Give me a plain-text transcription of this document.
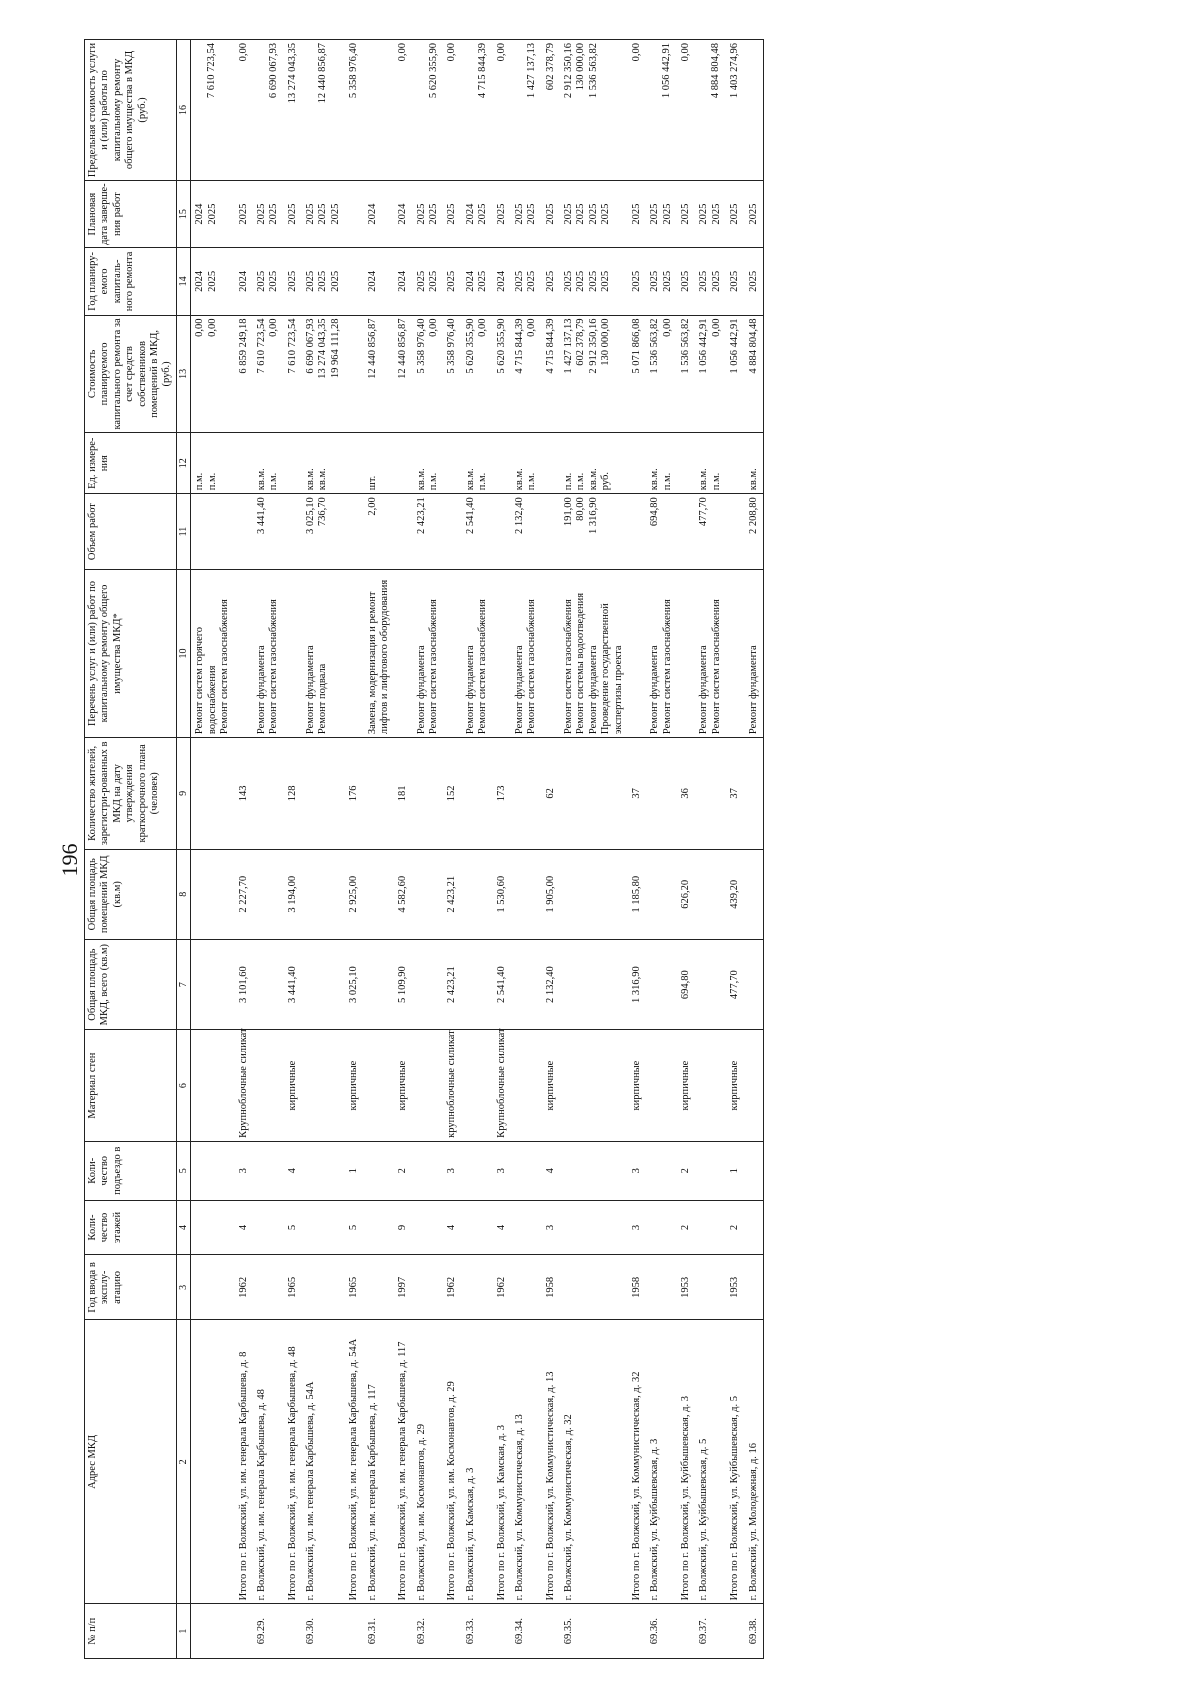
196
№ п/п	Адрес МКД	Год ввода в эксплу-атацию	Коли-чество этажей	Коли-чество подъездо в	Материал стен	Общая площадь МКД, всего (кв.м)	Общая площадь помещений МКД (кв.м)	Количество жителей, зарегистри-рованных в МКД на дату утверждения краткосрочного плана (человек)	Перечень услуг и (или) работ по капитальному ремонту общего имущества МКД*	Объем работ	Ед. измере-ния	Стоимость планируемого капитального ремонта за счет средств собственников помещений в МКД, (руб.)	Год планиру-емого капиталь-ного ремонта	Плановая дата заверше-ния работ	Предельная стоимость услуги и (или) работы по капитальному ремонту общего имущества в МКД (руб.)
1	2	3	4	5	6	7	8	9	10	11	12	13	14	15	16

									Ремонт систем горячего водоснабжения Ремонт систем газоснабжения		п.м. п.м.	0,00 0,00	2024 2025	2024 2025	7 610 723,54

	Итого по г. Волжский, ул. им. генерала Карбышева, д. 8	1962	4	3	Крупноблочные силикат	3 101,60	2 227,70	143				6 859 249,18	2024	2025	0,00

69.29.	г. Волжский, ул. им. генерала Карбышева, д. 48								Ремонт фундамента Ремонт систем газоснабжения	3 441,40	кв.м. п.м.	7 610 723,54 0,00	2025 2025	2025 2025	6 690 067,93

	Итого по г. Волжский, ул. им. генерала Карбышева, д. 48	1965	5	4	кирпичные	3 441,40	3 194,00	128				7 610 723,54	2025	2025	13 274 043,35

69.30.	г. Волжский, ул. им. генерала Карбышева, д. 54А								Ремонт фундамента Ремонт подвала	3 025,10 736,70	кв.м. кв.м.	6 690 067,93 13 274 043,35 19 964 111,28	2025 2025 2025	2025 2025 2025	12 440 856,87

	Итого по г. Волжский, ул. им. генерала Карбышева, д. 54А	1965	5	1	кирпичные	3 025,10	2 925,00	176							5 358 976,40

69.31.	г. Волжский, ул. им. генерала Карбышева, д. 117								Замена, модернизация и ремонт лифтов и лифтового оборудования	2,00	шт.	12 440 856,87	2024	2024	

	Итого по г. Волжский, ул. им. генерала Карбышева, д. 117	1997	9	2	кирпичные	5 109,90	4 582,60	181				12 440 856,87	2024	2024	0,00

69.32.	г. Волжский, ул. им. Космонавтов, д. 29								Ремонт фундамента Ремонт систем газоснабжения	2 423,21	кв.м. п.м.	5 358 976,40 0,00	2025 2025	2025 2025	5 620 355,90

	Итого по г. Волжский, ул. им. Космонавтов, д. 29	1962	4	3	крупноблочные силикат	2 423,21	2 423,21	152				5 358 976,40	2025	2025	0,00

69.33.	г. Волжский, ул. Камская, д. 3								Ремонт фундамента Ремонт систем газоснабжения	2 541,40	кв.м. п.м.	5 620 355,90 0,00	2024 2025	2024 2025	4 715 844,39

	Итого по г. Волжский, ул. Камская, д. 3	1962	4	3	Крупноблочные силикат	2 541,40	1 530,60	173				5 620 355,90	2024	2025	0,00

69.34.	г. Волжский, ул. Коммунистическая, д. 13								Ремонт фундамента Ремонт систем газоснабжения	2 132,40	кв.м. п.м.	4 715 844,39 0,00	2025 2025	2025 2025	1 427 137,13

	Итого по г. Волжский, ул. Коммунистическая, д. 13	1958	3	4	кирпичные	2 132,40	1 905,00	62				4 715 844,39	2025	2025	602 378,79

69.35.	г. Волжский, ул. Коммунистическая, д. 32								Ремонт систем газоснабжения Ремонт системы водоотведения Ремонт фундамента Проведение государственной экспертизы проекта	191,00 80,00 1 316,90	п.м. п.м. кв.м. руб.	1 427 137,13 602 378,79 2 912 350,16 130 000,00	2025 2025 2025 2025	2025 2025 2025 2025	2 912 350,16 130 000,00 1 536 563,82

	Итого по г. Волжский, ул. Коммунистическая, д. 32	1958	3	3	кирпичные	1 316,90	1 185,80	37				5 071 866,08	2025	2025	0,00

69.36.	г. Волжский, ул. Куйбышевская, д. 3								Ремонт фундамента Ремонт систем газоснабжения	694,80	кв.м. п.м.	1 536 563,82 0,00	2025 2025	2025 2025	1 056 442,91

	Итого по г. Волжский, ул. Куйбышевская, д. 3	1953	2	2	кирпичные	694,80	626,20	36				1 536 563,82	2025	2025	0,00

69.37.	г. Волжский, ул. Куйбышевская, д. 5								Ремонт фундамента Ремонт систем газоснабжения	477,70	кв.м. п.м.	1 056 442,91 0,00	2025 2025	2025 2025	4 884 804,48

	Итого по г. Волжский, ул. Куйбышевская, д. 5	1953	2	1	кирпичные	477,70	439,20	37				1 056 442,91	2025	2025	1 403 274,96

69.38.	г. Волжский, ул. Молодежная, д. 16								Ремонт фундамента	2 208,80	кв.м.	4 884 804,48	2025	2025	
